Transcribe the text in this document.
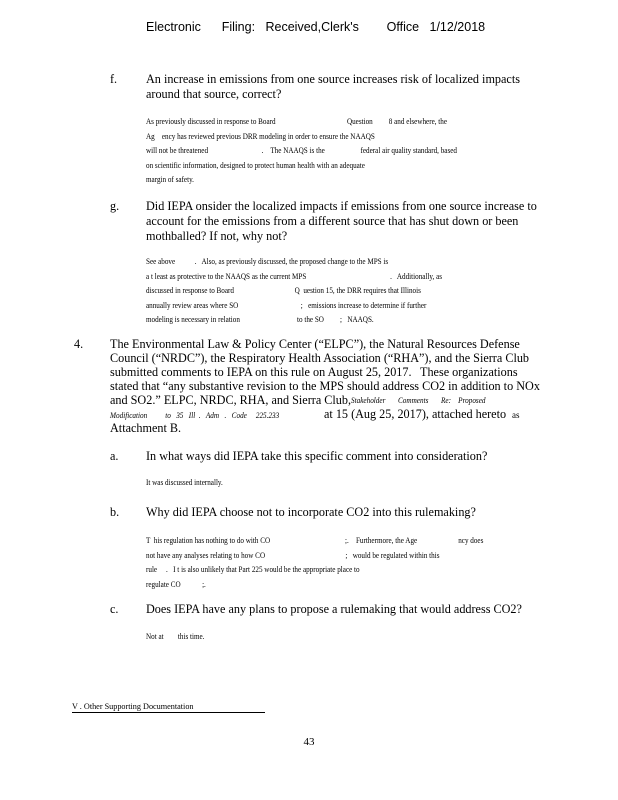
Electronic      Filing:   Received,Clerk's        Office   1/12/2018
f. An increase in emissions from one source increases risk of localized impacts
around that source, correct?
As previously discussed in response to Board                                        Question         8 and elsewhere, the
Ag    ency has reviewed previous DRR modeling in order to ensure the NAAQS
will not be threatened                              .    The NAAQS is the                    federal air quality standard, based
on scientific information, designed to protect human health with an adequate
margin of safety.
g. Did IEPA onsider the localized impacts if emissions from one source increase to
account for the emissions from a different source that has shut down or been
mothballed? If not, why not?
See above           .   Also, as previously discussed, the proposed change to the MPS is
a t least as protective to the NAAQS as the current MPS                                               .   Additionally, as
discussed in response to Board                                  Q  uestion 15, the DRR requires that Illinois
annually review areas where SO                                   ;   emissions increase to determine if further
modeling is necessary in relation                                to the SO         ;   NAAQS.
4. The Environmental Law & Policy Center (“ELPC”), the Natural Resources Defense
Council (“NRDC”), the Respiratory Health Association (“RHA”), and the Sierra Club
submitted comments to IEPA on this rule on August 25, 2017. These organizations
stated that “any substantive revision to the MPS should address CO2 in addition to NOx
and SO2.” ELPC, NRDC, RHA, and Sierra Club, Stakeholder       Comments       Re:    Proposed
Modification          to   35   Ill  .   Adm   .   Code     225.233	at 15 (Aug 25, 2017), attached hereto as
Attachment B.
a. In what ways did IEPA take this specific comment into consideration?
It was discussed internally.
b. Why did IEPA choose not to incorporate CO2 into this rulemaking?
T  his regulation has nothing to do with CO                                          ;.    Furthermore, the Age                       ncy does
not have any analyses relating to how CO                                             ;   would be regulated within this
rule     .   I t is also unlikely that Part 225 would be the appropriate place to
regulate CO            ;.
c. Does IEPA have any plans to propose a rulemaking that would address CO2?
Not at        this time.
V . Other Supporting Documentation
43
